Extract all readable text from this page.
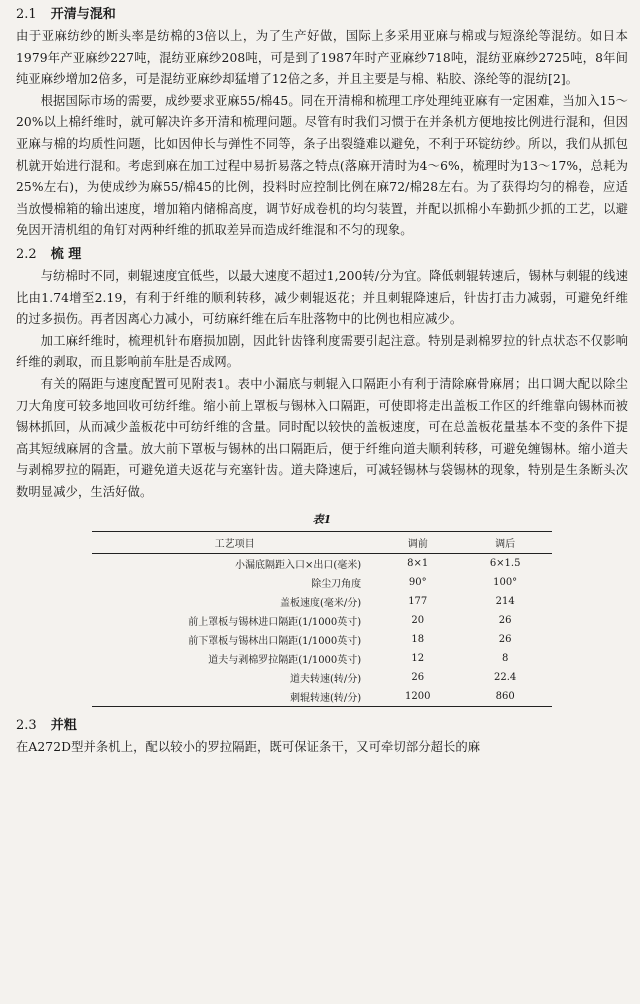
2.1 开清与混和

由于亚麻纺纱的断头率是纺棉的3倍以上，为了生产好做，国际上多采用亚麻与棉或与短涤纶等混纺。如日本1979年产亚麻纱227吨，混纺亚麻纱208吨，可是到了1987年时产亚麻纱718吨，混纺亚麻纱2725吨，8年间纯亚麻纱增加2倍多，可是混纺亚麻纱却猛增了12倍之多，并且主要是与棉、粘胶、涤纶等的混纺[2]。

根据国际市场的需要，成纱要求亚麻55/棉45。同在开清棉和梳理工序处理纯亚麻有一定困难，当加入15～20%以上棉纤维时，就可解决许多开清和梳理问题。尽管有时我们习惯于在并条机方便地按比例进行混和，但因亚麻与棉的均质性问题，比如因伸长与弹性不同等，条子出裂缝难以避免，不利于环锭纺纱。所以，我们从抓包机就开始进行混和。考虑到麻在加工过程中易折易落之特点(落麻开清时为4～6%，梳理时为13～17%，总耗为25%左右)，为使成纱为麻55/棉45的比例，投料时应控制比例在麻72/棉28左右。为了获得均匀的棉卷，应适当放慢棉箱的输出速度，增加箱内储棉高度，调节好成卷机的均匀装置，并配以抓棉小车勤抓少抓的工艺，以避免因开清机组的角钉对两种纤维的抓取差异而造成纤维混和不匀的现象。

2.2 梳 理

与纺棉时不同，刺辊速度宜低些，以最大速度不超过1,200转/分为宜。降低刺辊转速后，锡林与刺辊的线速比由1.74增至2.19，有利于纤维的顺利转移，减少刺辊返花；并且刺辊降速后，针齿打击力减弱，可避免纤维的过多损伤。再者因离心力减小，可纺麻纤维在后车肚落物中的比例也相应减少。

加工麻纤维时，梳理机针布磨损加剧，因此针齿锋利度需要引起注意。特别是剥棉罗拉的针点状态不仅影响纤维的剥取，而且影响前车肚是否成网。

有关的隔距与速度配置可见附表1。表中小漏底与刺辊入口隔距小有利于清除麻骨麻屑；出口调大配以除尘刀大角度可较多地回收可纺纤维。缩小前上罩板与锡林入口隔距，可使即将走出盖板工作区的纤维靠向锡林而被锡林抓回，从而减少盖板花中可纺纤维的含量。同时配以较快的盖板速度，可在总盖板花量基本不变的条件下提高其短绒麻屑的含量。放大前下罩板与锡林的出口隔距后，便于纤维向道夫顺利转移，可避免缠锡林。缩小道夫与剥棉罗拉的隔距，可避免道夫返花与充塞针齿。道夫降速后，可减轻锡林与袋锡林的现象，特别是生条断头次数明显减少，生活好做。

表1
工艺项目	调前	调后
小漏底隔距入口×出口(毫米)	8×1	6×1.5
除尘刀角度	90°	100°
盖板速度(毫米/分)	177	214
前上罩板与锡林进口隔距(1/1000英寸)	20	26
前下罩板与锡林出口隔距(1/1000英寸)	18	26
道夫与剥棉罗拉隔距(1/1000英寸)	12	8
道夫转速(转/分)	26	22.4
刺辊转速(转/分)	1200	860
2.3 并粗

在A272D型并条机上，配以较小的罗拉隔距，既可保证条干，又可牵切部分超长的麻
